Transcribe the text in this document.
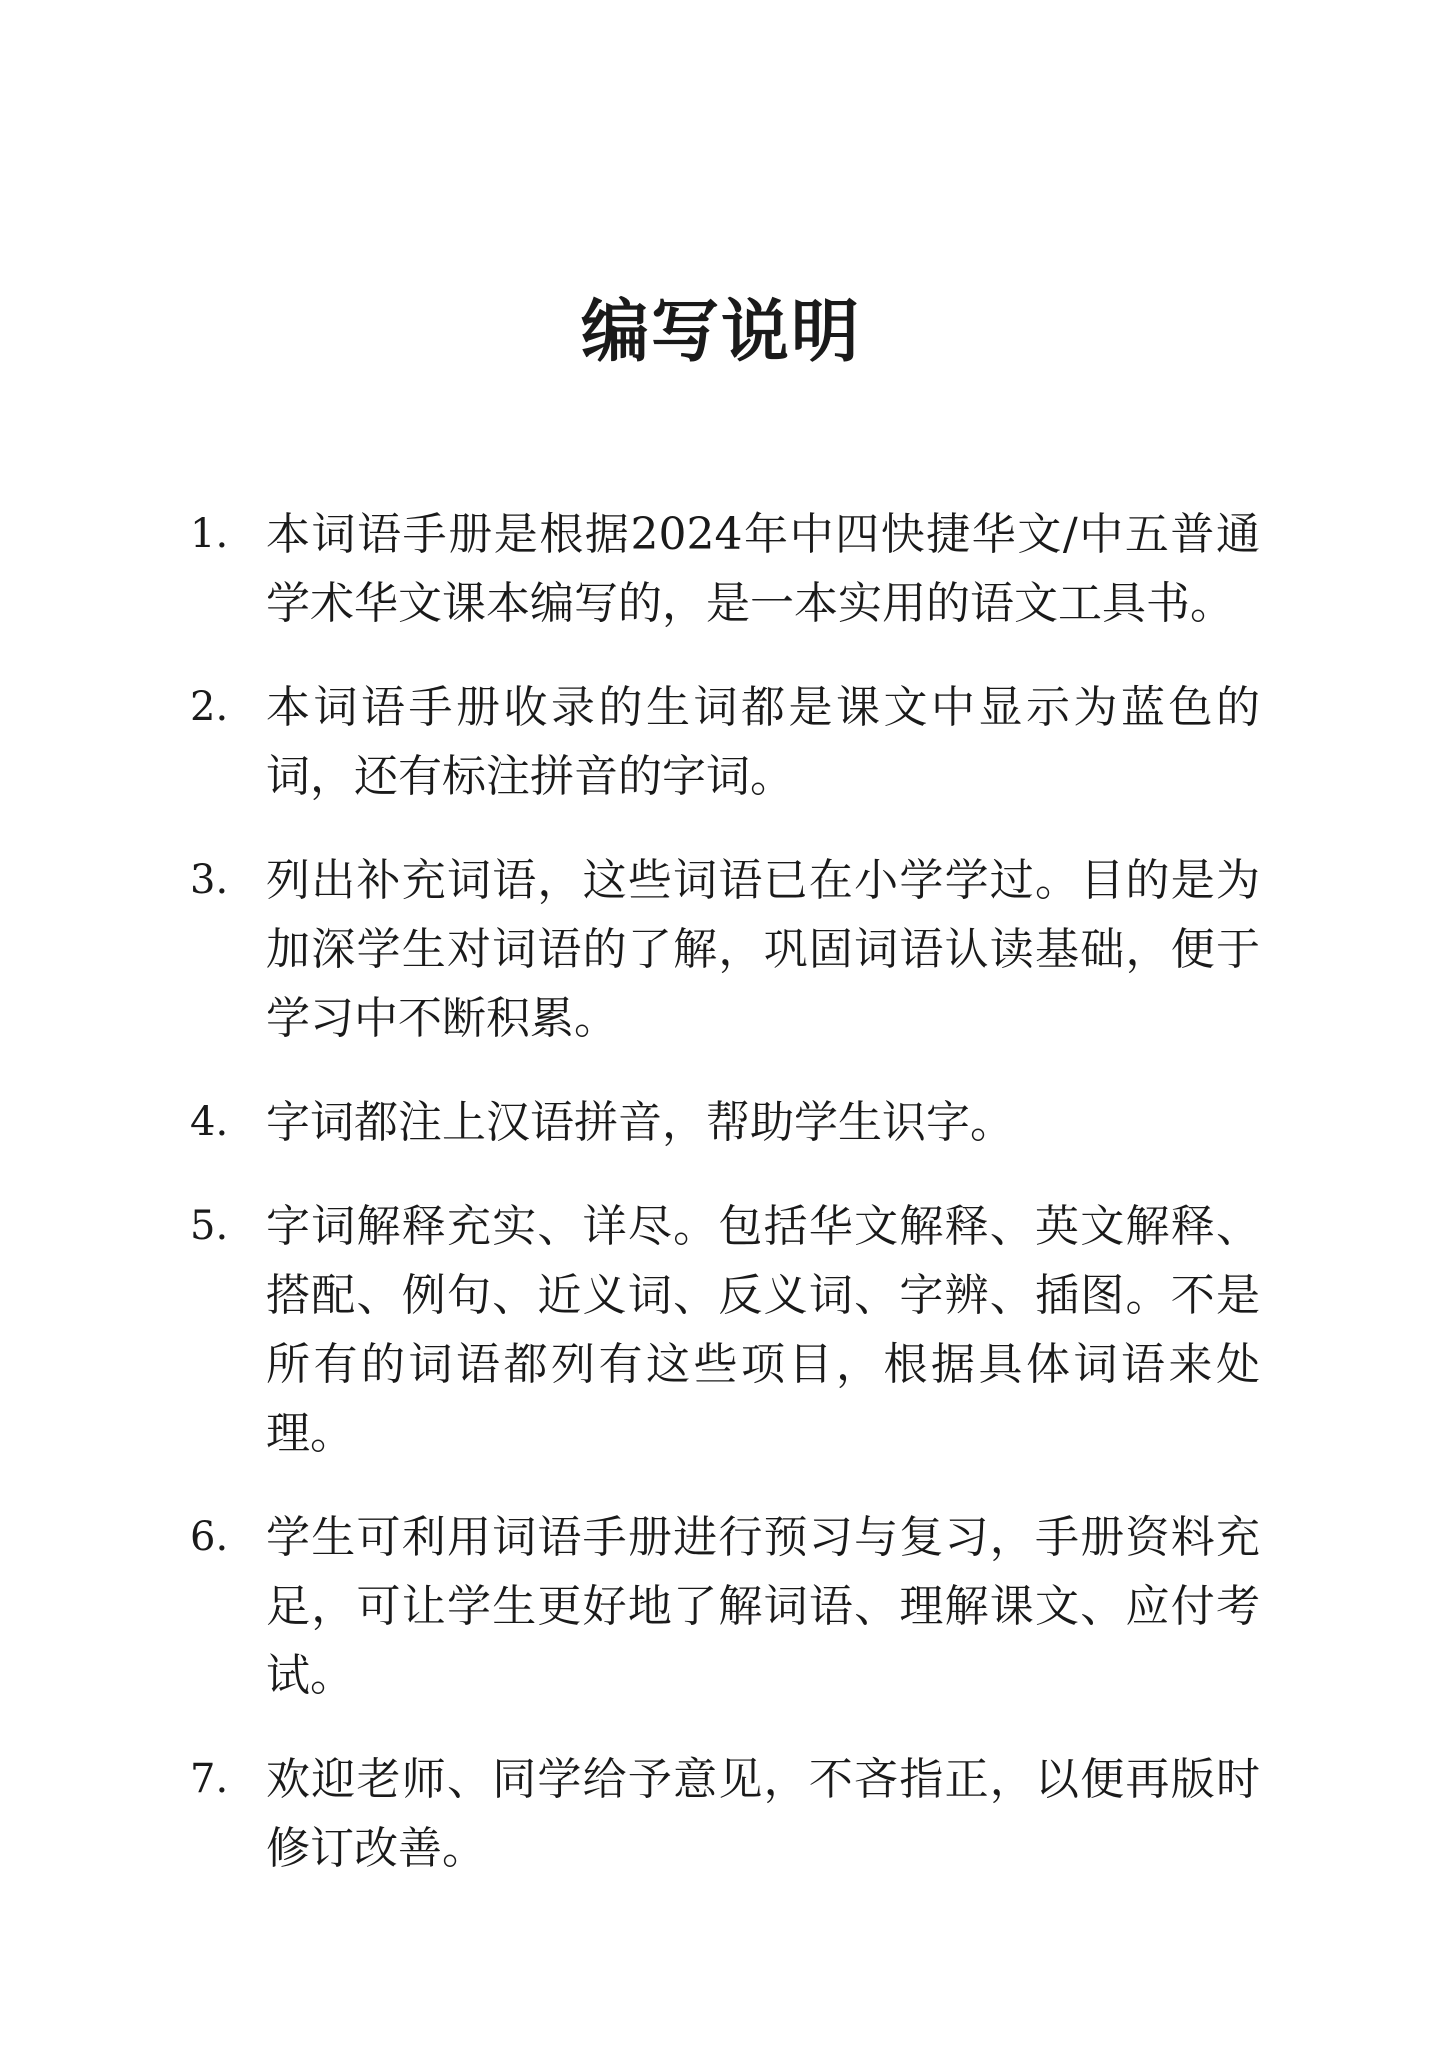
编写说明
1. 本词语手册是根据2024年中四快捷华文/中五普通学术华文课本编写的，是一本实用的语文工具书。
2. 本词语手册收录的生词都是课文中显示为蓝色的词，还有标注拼音的字词。
3. 列出补充词语，这些词语已在小学学过。目的是为加深学生对词语的了解，巩固词语认读基础，便于学习中不断积累。
4. 字词都注上汉语拼音，帮助学生识字。
5. 字词解释充实、详尽。包括华文解释、英文解释、搭配、例句、近义词、反义词、字辨、插图。不是所有的词语都列有这些项目，根据具体词语来处理。
6. 学生可利用词语手册进行预习与复习，手册资料充足，可让学生更好地了解词语、理解课文、应付考试。
7. 欢迎老师、同学给予意见，不吝指正，以便再版时修订改善。
